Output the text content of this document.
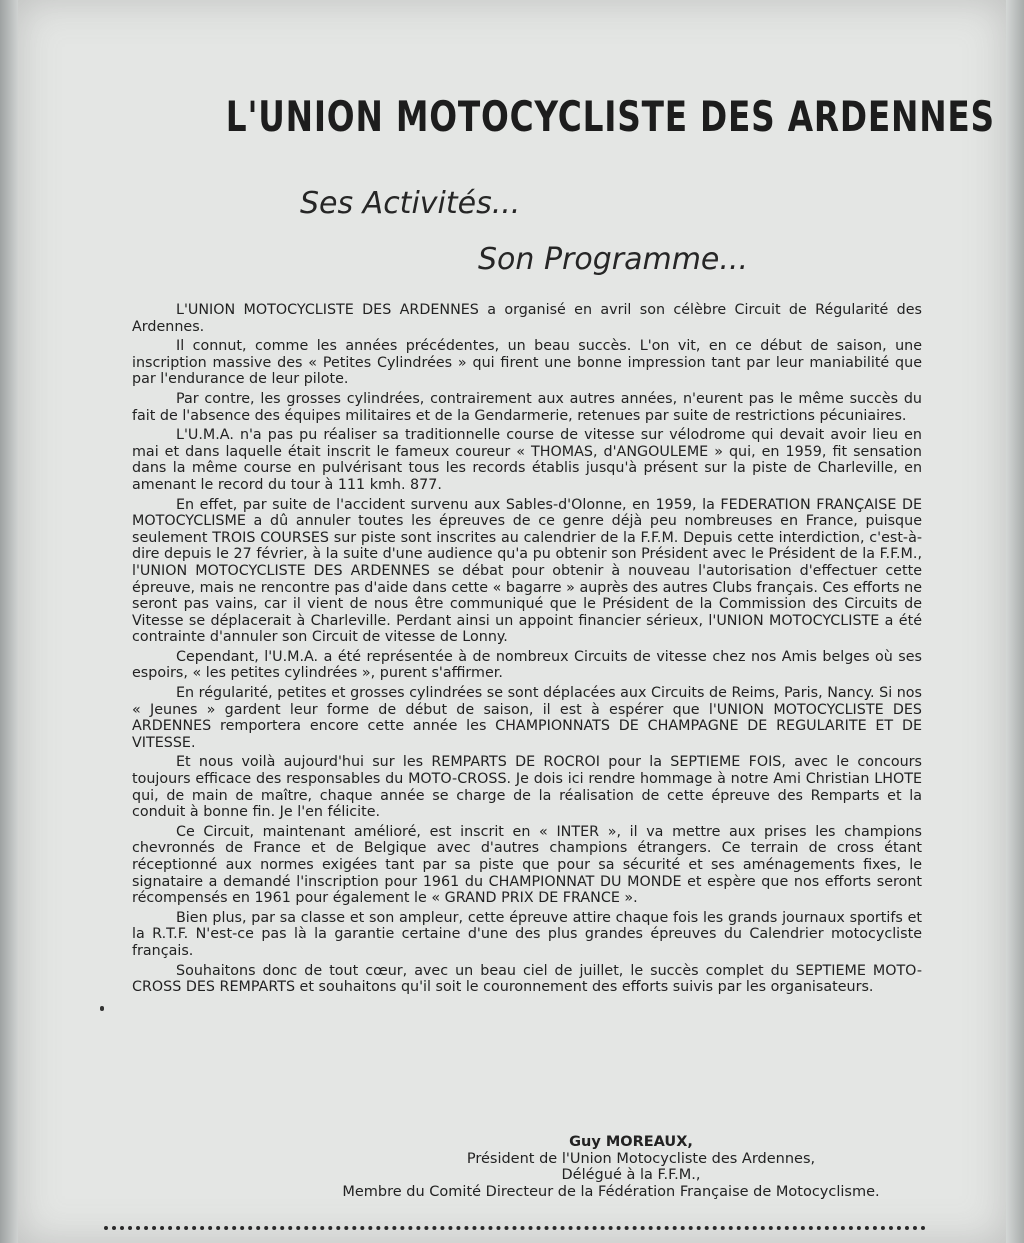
L'UNION MOTOCYCLISTE DES ARDENNES
Ses Activités...
Son Programme...

L'UNION MOTOCYCLISTE DES ARDENNES a organisé en avril son célèbre Circuit de Régularité des Ardennes.

Il connut, comme les années précédentes, un beau succès. L'on vit, en ce début de saison, une inscription massive des « Petites Cylindrées » qui firent une bonne impression tant par leur maniabilité que par l'endurance de leur pilote.

Par contre, les grosses cylindrées, contrairement aux autres années, n'eurent pas le même succès du fait de l'absence des équipes militaires et de la Gendarmerie, retenues par suite de restrictions pécuniaires.

L'U.M.A. n'a pas pu réaliser sa traditionnelle course de vitesse sur vélodrome qui devait avoir lieu en mai et dans laquelle était inscrit le fameux coureur « THOMAS, d'ANGOULEME » qui, en 1959, fit sensation dans la même course en pulvérisant tous les records établis jusqu'à présent sur la piste de Charleville, en amenant le record du tour à 111 kmh. 877.

En effet, par suite de l'accident survenu aux Sables-d'Olonne, en 1959, la FEDERATION FRANÇAISE DE MOTOCYCLISME a dû annuler toutes les épreuves de ce genre déjà peu nombreuses en France, puisque seulement TROIS COURSES sur piste sont inscrites au calendrier de la F.F.M. Depuis cette interdiction, c'est-à-dire depuis le 27 février, à la suite d'une audience qu'a pu obtenir son Président avec le Président de la F.F.M., l'UNION MOTOCYCLISTE DES ARDENNES se débat pour obtenir à nouveau l'autorisation d'effectuer cette épreuve, mais ne rencontre pas d'aide dans cette « bagarre » auprès des autres Clubs français. Ces efforts ne seront pas vains, car il vient de nous être communiqué que le Président de la Commission des Circuits de Vitesse se déplacerait à Charleville. Perdant ainsi un appoint financier sérieux, l'UNION MOTOCYCLISTE a été contrainte d'annuler son Circuit de vitesse de Lonny.

Cependant, l'U.M.A. a été représentée à de nombreux Circuits de vitesse chez nos Amis belges où ses espoirs, « les petites cylindrées », purent s'affirmer.

En régularité, petites et grosses cylindrées se sont déplacées aux Circuits de Reims, Paris, Nancy. Si nos « Jeunes » gardent leur forme de début de saison, il est à espérer que l'UNION MOTOCYCLISTE DES ARDENNES remportera encore cette année les CHAMPIONNATS DE CHAMPAGNE DE REGULARITE ET DE VITESSE.

Et nous voilà aujourd'hui sur les REMPARTS DE ROCROI pour la SEPTIEME FOIS, avec le concours toujours efficace des responsables du MOTO-CROSS. Je dois ici rendre hommage à notre Ami Christian LHOTE qui, de main de maître, chaque année se charge de la réalisation de cette épreuve des Remparts et la conduit à bonne fin. Je l'en félicite.

Ce Circuit, maintenant amélioré, est inscrit en « INTER », il va mettre aux prises les champions chevronnés de France et de Belgique avec d'autres champions étrangers. Ce terrain de cross étant réceptionné aux normes exigées tant par sa piste que pour sa sécurité et ses aménagements fixes, le signataire a demandé l'inscription pour 1961 du CHAMPIONNAT DU MONDE et espère que nos efforts seront récompensés en 1961 pour également le « GRAND PRIX DE FRANCE ».

Bien plus, par sa classe et son ampleur, cette épreuve attire chaque fois les grands journaux sportifs et la R.T.F. N'est-ce pas là la garantie certaine d'une des plus grandes épreuves du Calendrier motocycliste français.

Souhaitons donc de tout cœur, avec un beau ciel de juillet, le succès complet du SEPTIEME MOTO-CROSS DES REMPARTS et souhaitons qu'il soit le couronnement des efforts suivis par les organisateurs.

Guy MOREAUX,
Président de l'Union Motocycliste des Ardennes,
Délégué à la F.F.M.,
Membre du Comité Directeur de la Fédération Française de Motocyclisme.
